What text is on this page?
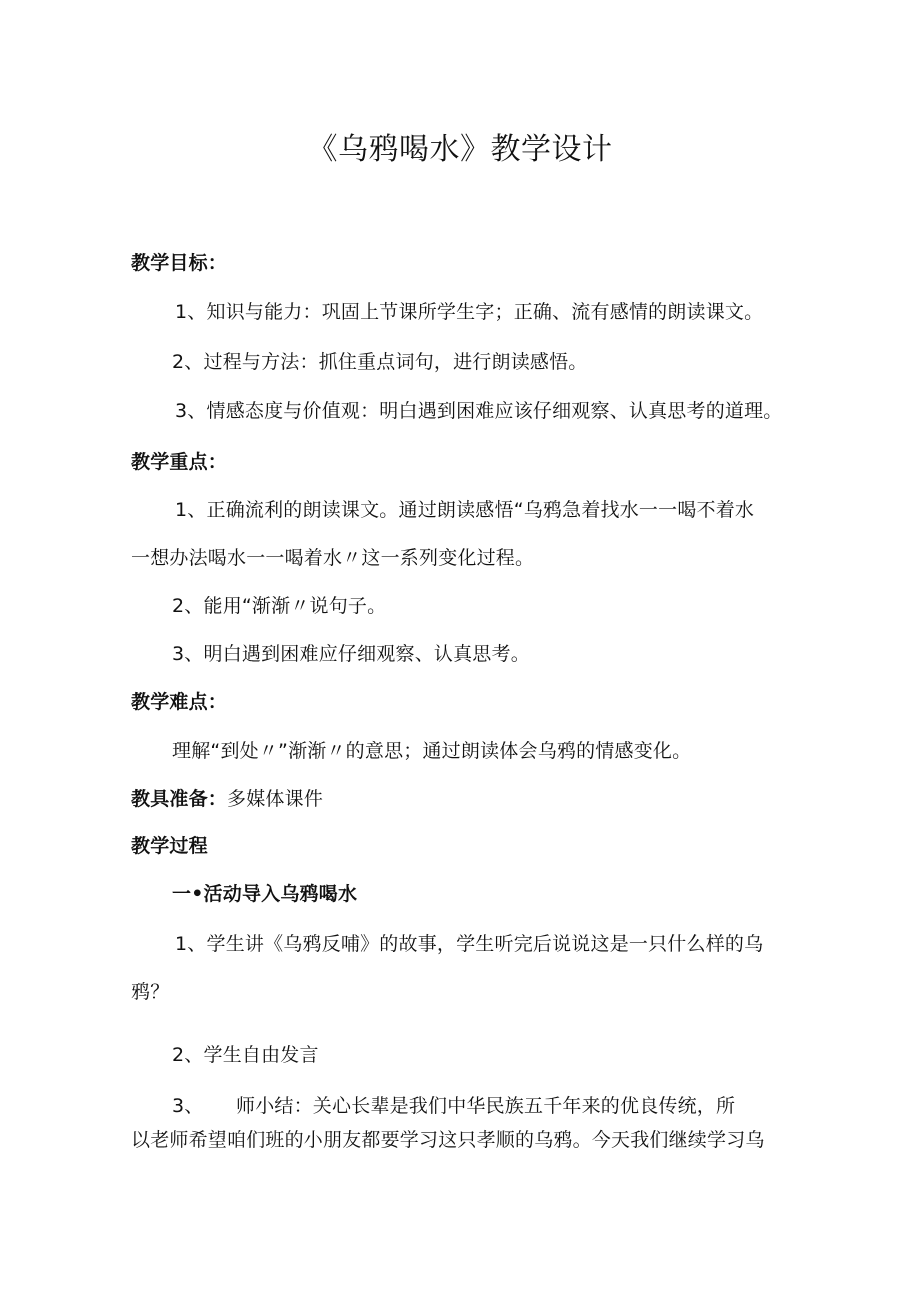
《乌鸦喝水》教学设计
教学目标：
1、知识与能力：巩固上节课所学生字；正确、流有感情的朗读课文。
2、过程与方法：抓住重点词句，进行朗读感悟。
3、情感态度与价值观：明白遇到困难应该仔细观察、认真思考的道理。
教学重点：
1、正确流利的朗读课文。通过朗读感悟“乌鸦急着找水一一喝不着水
一想办法喝水一一喝着水〃这一系列变化过程。
2、能用“渐渐〃说句子。
3、明白遇到困难应仔细观察、认真思考。
教学难点：
理解“到处〃”渐渐〃的意思；通过朗读体会乌鸦的情感变化。
教具准备：多媒体课件
教学过程
一•活动导入乌鸦喝水
1、学生讲《乌鸦反哺》的故事，学生听完后说说这是一只什么样的乌
鸦？
2、学生自由发言
3、 师小结：关心长辈是我们中华民族五千年来的优良传统，所
以老师希望咱们班的小朋友都要学习这只孝顺的乌鸦。今天我们继续学习乌
